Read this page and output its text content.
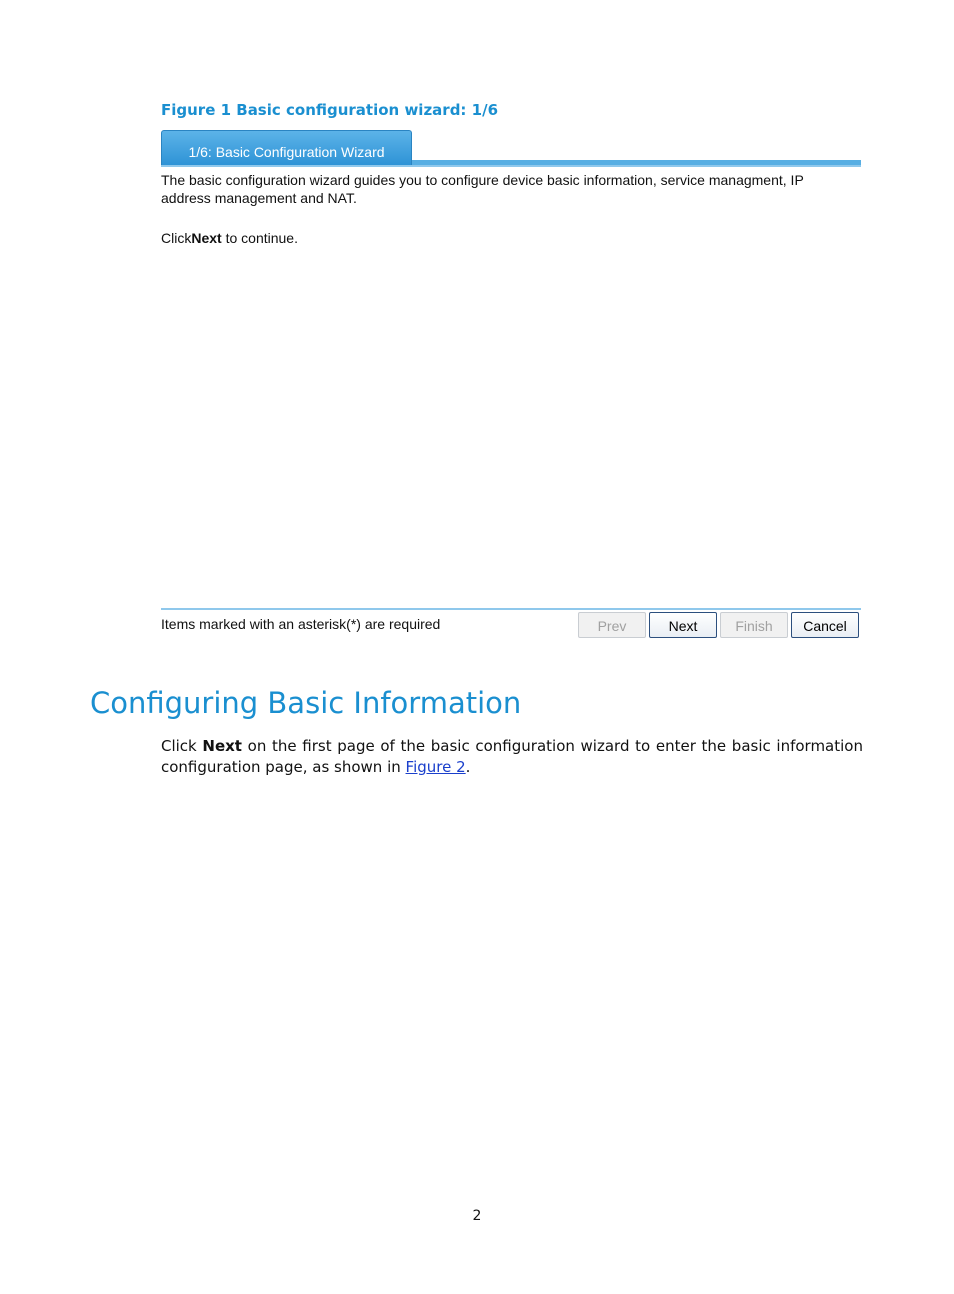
Figure 1 Basic configuration wizard: 1/6
1/6: Basic Configuration Wizard

The basic configuration wizard guides you to configure device basic information, service managment, IP address management and NAT.

ClickNext to continue.

Items marked with an asterisk(*) are required	Prev	Next	Finish	Cancel
Configuring Basic Information

Click Next on the first page of the basic configuration wizard to enter the basic information configuration page, as shown in Figure 2.

2
